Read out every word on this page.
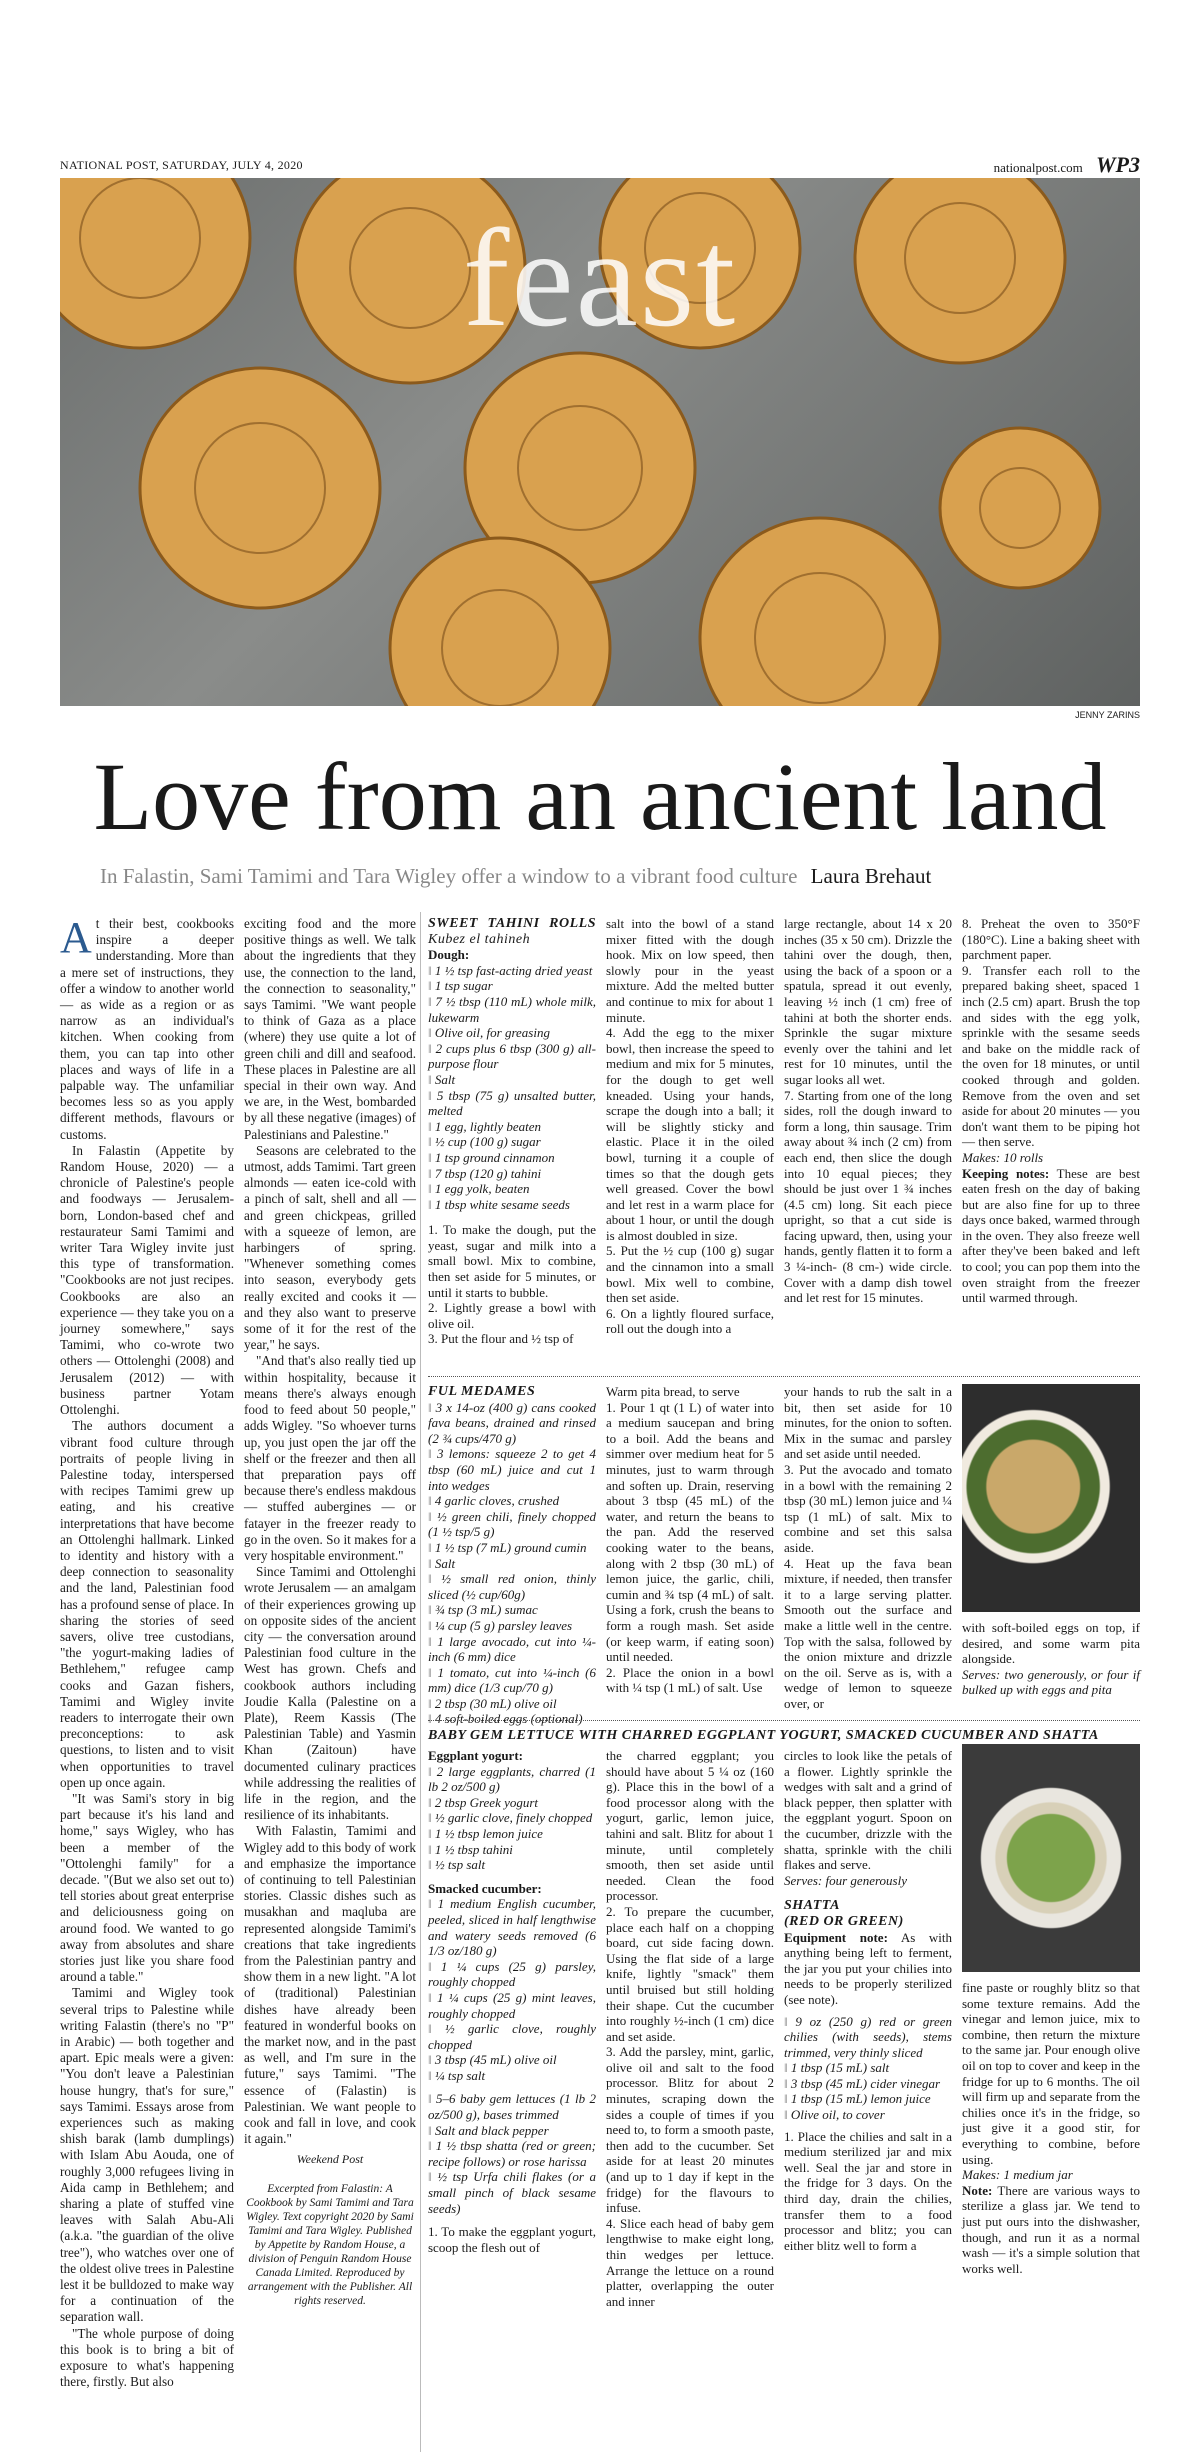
NATIONAL POST, SATURDAY, JULY 4, 2020	nationalpost.com WP3
feast
JENNY ZARINS
Love from an ancient land
In Falastin, Sami Tamimi and Tara Wigley offer a window to a vibrant food culture Laura Brehaut

At their best, cookbooks inspire a deeper understanding. More than a mere set of instructions, they offer a window to another world — as wide as a region or as narrow as an individual's kitchen. When cooking from them, you can tap into other places and ways of life in a palpable way. The unfamiliar becomes less so as you apply different methods, flavours or customs.

In Falastin (Appetite by Random House, 2020) — a chronicle of Palestine's people and foodways — Jerusalem-born, London-based chef and restaurateur Sami Tamimi and writer Tara Wigley invite just this type of transformation. "Cookbooks are not just recipes. Cookbooks are also an experience — they take you on a journey somewhere," says Tamimi, who co-wrote two others — Ottolenghi (2008) and Jerusalem (2012) — with business partner Yotam Ottolenghi.

The authors document a vibrant food culture through portraits of people living in Palestine today, interspersed with recipes Tamimi grew up eating, and his creative interpretations that have become an Ottolenghi hallmark. Linked to identity and history with a deep connection to seasonality and the land, Palestinian food has a profound sense of place. In sharing the stories of seed savers, olive tree custodians, "the yogurt-making ladies of Bethlehem," refugee camp cooks and Gazan fishers, Tamimi and Wigley invite readers to interrogate their own preconceptions: to ask questions, to listen and to visit when opportunities to travel open up once again.

"It was Sami's story in big part because it's his land and home," says Wigley, who has been a member of the "Ottolenghi family" for a decade. "(But we also set out to) tell stories about great enterprise and deliciousness going on around food. We wanted to go away from absolutes and share stories just like you share food around a table."

Tamimi and Wigley took several trips to Palestine while writing Falastin (there's no "P" in Arabic) — both together and apart. Epic meals were a given: "You don't leave a Palestinian house hungry, that's for sure," says Tamimi. Essays arose from experiences such as making shish barak (lamb dumplings) with Islam Abu Aouda, one of roughly 3,000 refugees living in Aida camp in Bethlehem; and sharing a plate of stuffed vine leaves with Salah Abu-Ali (a.k.a. "the guardian of the olive tree"), who watches over one of the oldest olive trees in Palestine lest it be bulldozed to make way for a continuation of the separation wall.

"The whole purpose of doing this book is to bring a bit of exposure to what's happening there, firstly. But also

exciting food and the more positive things as well. We talk about the ingredients that they use, the connection to the land, the connection to seasonality," says Tamimi. "We want people to think of Gaza as a place (where) they use quite a lot of green chili and dill and seafood. These places in Palestine are all special in their own way. And we are, in the West, bombarded by all these negative (images) of Palestinians and Palestine."

Seasons are celebrated to the utmost, adds Tamimi. Tart green almonds — eaten ice-cold with a pinch of salt, shell and all — and green chickpeas, grilled with a squeeze of lemon, are harbingers of spring. "Whenever something comes into season, everybody gets really excited and cooks it — and they also want to preserve some of it for the rest of the year," he says.

"And that's also really tied up within hospitality, because it means there's always enough food to feed about 50 people," adds Wigley. "So whoever turns up, you just open the jar off the shelf or the freezer and then all that preparation pays off because there's endless makdous — stuffed aubergines — or fatayer in the freezer ready to go in the oven. So it makes for a very hospitable environment."

Since Tamimi and Ottolenghi wrote Jerusalem — an amalgam of their experiences growing up on opposite sides of the ancient city — the conversation around Palestinian food culture in the West has grown. Chefs and cookbook authors including Joudie Kalla (Palestine on a Plate), Reem Kassis (The Palestinian Table) and Yasmin Khan (Zaitoun) have documented culinary practices while addressing the realities of life in the region, and the resilience of its inhabitants.

With Falastin, Tamimi and Wigley add to this body of work and emphasize the importance of continuing to tell Palestinian stories. Classic dishes such as musakhan and maqluba are represented alongside Tamimi's creations that take ingredients from the Palestinian pantry and show them in a new light. "A lot of (traditional) Palestinian dishes have already been featured in wonderful books on the market now, and in the past as well, and I'm sure in the future," says Tamimi. "The essence of (Falastin) is Palestinian. We want people to cook and fall in love, and cook it again."

Weekend Post
Excerpted from Falastin: A Cookbook by Sami Tamimi and Tara Wigley. Text copyright 2020 by Sami Tamimi and Tara Wigley. Published by Appetite by Random House, a division of Penguin Random House Canada Limited. Reproduced by arrangement with the Publisher. All rights reserved.
SWEET TAHINI ROLLS Kubez el tahineh
Dough:
‖ 1 ½ tsp fast-acting dried yeast
‖ 1 tsp sugar
‖ 7 ½ tbsp (110 mL) whole milk, lukewarm
‖ Olive oil, for greasing
‖ 2 cups plus 6 tbsp (300 g) all-purpose flour
‖ Salt
‖ 5 tbsp (75 g) unsalted butter, melted
‖ 1 egg, lightly beaten
‖ ½ cup (100 g) sugar
‖ 1 tsp ground cinnamon
‖ 7 tbsp (120 g) tahini
‖ 1 egg yolk, beaten
‖ 1 tbsp white sesame seeds
1. To make the dough, put the yeast, sugar and milk into a small bowl. Mix to combine, then set aside for 5 minutes, or until it starts to bubble.
2. Lightly grease a bowl with olive oil.
3. Put the flour and ½ tsp of
salt into the bowl of a stand mixer fitted with the dough hook. Mix on low speed, then slowly pour in the yeast mixture. Add the melted butter and continue to mix for about 1 minute.
4. Add the egg to the mixer bowl, then increase the speed to medium and mix for 5 minutes, for the dough to get well kneaded. Using your hands, scrape the dough into a ball; it will be slightly sticky and elastic. Place it in the oiled bowl, turning it a couple of times so that the dough gets well greased. Cover the bowl and let rest in a warm place for about 1 hour, or until the dough is almost doubled in size.
5. Put the ½ cup (100 g) sugar and the cinnamon into a small bowl. Mix well to combine, then set aside.
6. On a lightly floured surface, roll out the dough into a
large rectangle, about 14 x 20 inches (35 x 50 cm). Drizzle the tahini over the dough, then, using the back of a spoon or a spatula, spread it out evenly, leaving ½ inch (1 cm) free of tahini at both the shorter ends. Sprinkle the sugar mixture evenly over the tahini and let rest for 10 minutes, until the sugar looks all wet.
7. Starting from one of the long sides, roll the dough inward to form a long, thin sausage. Trim away about ¾ inch (2 cm) from each end, then slice the dough into 10 equal pieces; they should be just over 1 ¾ inches (4.5 cm) long. Sit each piece upright, so that a cut side is facing upward, then, using your hands, gently flatten it to form a 3 ¼-inch- (8 cm-) wide circle. Cover with a damp dish towel and let rest for 15 minutes.
8. Preheat the oven to 350°F (180°C). Line a baking sheet with parchment paper.
9. Transfer each roll to the prepared baking sheet, spaced 1 inch (2.5 cm) apart. Brush the top and sides with the egg yolk, sprinkle with the sesame seeds and bake on the middle rack of the oven for 18 minutes, or until cooked through and golden. Remove from the oven and set aside for about 20 minutes — you don't want them to be piping hot — then serve.
Makes: 10 rolls
Keeping notes: These are best eaten fresh on the day of baking but are also fine for up to three days once baked, warmed through in the oven. They also freeze well after they've been baked and left to cool; you can pop them into the oven straight from the freezer until warmed through.
FUL MEDAMES
‖ 3 x 14-oz (400 g) cans cooked fava beans, drained and rinsed (2 ¾ cups/470 g)
‖ 3 lemons: squeeze 2 to get 4 tbsp (60 mL) juice and cut 1 into wedges
‖ 4 garlic cloves, crushed
‖ ½ green chili, finely chopped (1 ½ tsp/5 g)
‖ 1 ½ tsp (7 mL) ground cumin
‖ Salt
‖ ½ small red onion, thinly sliced (½ cup/60g)
‖ ¾ tsp (3 mL) sumac
‖ ¼ cup (5 g) parsley leaves
‖ 1 large avocado, cut into ¼-inch (6 mm) dice
‖ 1 tomato, cut into ¼-inch (6 mm) dice (1/3 cup/70 g)
‖ 2 tbsp (30 mL) olive oil
‖ 4 soft-boiled eggs (optional)
Warm pita bread, to serve
1. Pour 1 qt (1 L) of water into a medium saucepan and bring to a boil. Add the beans and simmer over medium heat for 5 minutes, just to warm through and soften up. Drain, reserving about 3 tbsp (45 mL) of the water, and return the beans to the pan. Add the reserved cooking water to the beans, along with 2 tbsp (30 mL) of lemon juice, the garlic, chili, cumin and ¾ tsp (4 mL) of salt. Using a fork, crush the beans to form a rough mash. Set aside (or keep warm, if eating soon) until needed.
2. Place the onion in a bowl with ¼ tsp (1 mL) of salt. Use
your hands to rub the salt in a bit, then set aside for 10 minutes, for the onion to soften. Mix in the sumac and parsley and set aside until needed.
3. Put the avocado and tomato in a bowl with the remaining 2 tbsp (30 mL) lemon juice and ¼ tsp (1 mL) of salt. Mix to combine and set this salsa aside.
4. Heat up the fava bean mixture, if needed, then transfer it to a large serving platter. Smooth out the surface and make a little well in the centre. Top with the salsa, followed by the onion mixture and drizzle on the oil. Serve as is, with a wedge of lemon to squeeze over, or
with soft-boiled eggs on top, if desired, and some warm pita alongside.
Serves: two generously, or four if bulked up with eggs and pita
BABY GEM LETTUCE WITH CHARRED EGGPLANT YOGURT, SMACKED CUCUMBER AND SHATTA
Eggplant yogurt:
‖ 2 large eggplants, charred (1 lb 2 oz/500 g)
‖ 2 tbsp Greek yogurt
‖ ½ garlic clove, finely chopped
‖ 1 ½ tbsp lemon juice
‖ 1 ½ tbsp tahini
‖ ½ tsp salt
Smacked cucumber:
‖ 1 medium English cucumber, peeled, sliced in half lengthwise and watery seeds removed (6 1/3 oz/180 g)
‖ 1 ¼ cups (25 g) parsley, roughly chopped
‖ 1 ¼ cups (25 g) mint leaves, roughly chopped
‖ ½ garlic clove, roughly chopped
‖ 3 tbsp (45 mL) olive oil
‖ ¼ tsp salt
‖ 5–6 baby gem lettuces (1 lb 2 oz/500 g), bases trimmed
‖ Salt and black pepper
‖ 1 ½ tbsp shatta (red or green; recipe follows) or rose harissa
‖ ½ tsp Urfa chili flakes (or a small pinch of black sesame seeds)
1. To make the eggplant yogurt, scoop the flesh out of
the charred eggplant; you should have about 5 ¼ oz (160 g). Place this in the bowl of a food processor along with the yogurt, garlic, lemon juice, tahini and salt. Blitz for about 1 minute, until completely smooth, then set aside until needed. Clean the food processor.
2. To prepare the cucumber, place each half on a chopping board, cut side facing down. Using the flat side of a large knife, lightly "smack" them until bruised but still holding their shape. Cut the cucumber into roughly ½-inch (1 cm) dice and set aside.
3. Add the parsley, mint, garlic, olive oil and salt to the food processor. Blitz for about 2 minutes, scraping down the sides a couple of times if you need to, to form a smooth paste, then add to the cucumber. Set aside for at least 20 minutes (and up to 1 day if kept in the fridge) for the flavours to infuse.
4. Slice each head of baby gem lengthwise to make eight long, thin wedges per lettuce. Arrange the lettuce on a round platter, overlapping the outer and inner
circles to look like the petals of a flower. Lightly sprinkle the wedges with salt and a grind of black pepper, then splatter with the eggplant yogurt. Spoon on the cucumber, drizzle with the shatta, sprinkle with the chili flakes and serve.
Serves: four generously
SHATTA
(RED OR GREEN)
Equipment note: As with anything being left to ferment, the jar you put your chilies into needs to be properly sterilized (see note).
‖ 9 oz (250 g) red or green chilies (with seeds), stems trimmed, very thinly sliced
‖ 1 tbsp (15 mL) salt
‖ 3 tbsp (45 mL) cider vinegar
‖ 1 tbsp (15 mL) lemon juice
‖ Olive oil, to cover
1. Place the chilies and salt in a medium sterilized jar and mix well. Seal the jar and store in the fridge for 3 days. On the third day, drain the chilies, transfer them to a food processor and blitz; you can either blitz well to form a
fine paste or roughly blitz so that some texture remains. Add the vinegar and lemon juice, mix to combine, then return the mixture to the same jar. Pour enough olive oil on top to cover and keep in the fridge for up to 6 months. The oil will firm up and separate from the chilies once it's in the fridge, so just give it a good stir, for everything to combine, before using.
Makes: 1 medium jar
Note: There are various ways to sterilize a glass jar. We tend to just put ours into the dishwasher, though, and run it as a normal wash — it's a simple solution that works well.
